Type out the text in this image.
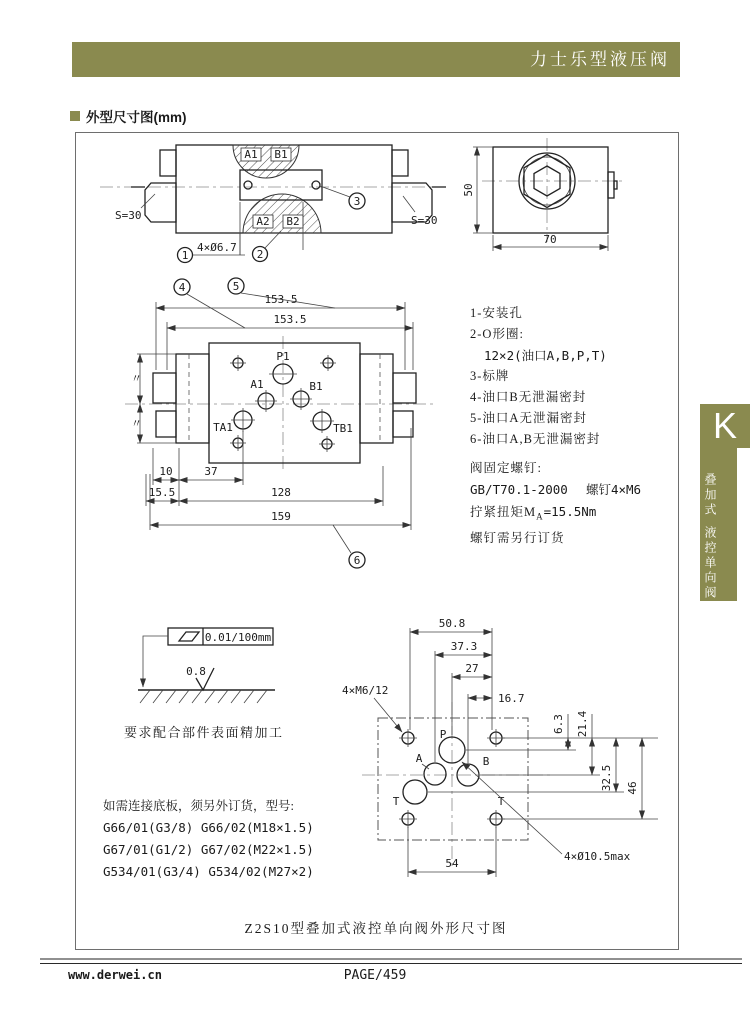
力士乐型液压阀
外型尺寸图(mm)
A1 B1
A2 B2
3
1
4×Ø6.7
2
S=30	S=30
50
70
4	5
153.5
153.5
P1
A1	B1
TA1	TB1
〃
〃
10	37
15.5	128
159
6
1-安装孔
2-O形圈:
12×2(油口A,B,P,T)
3-标牌
4-油口B无泄漏密封
5-油口A无泄漏密封
6-油口A,B无泄漏密封
阀固定螺钉:
GB/T70.1-2000 螺钉4×M6
拧紧扭矩$M_A=15.5Nm$
螺钉需另行订货
K
叠加式
液控单向阀
0.01/100mm
0.8
要求配合部件表面精加工
如需连接底板，须另外订货，型号:
G66/01(G3/8) G66/02(M18×1.5)
G67/01(G1/2) G67/02(M22×1.5)
G534/01(G3/4) G534/02(M27×2)
P
A	B
T	T
4×M6/12
4×Ø10.5max
50.8
37.3
27
16.7
6.3 21.4
32.5 46
54
Z2S10型叠加式液控单向阀外形尺寸图
www.derwei.cn	PAGE/459
